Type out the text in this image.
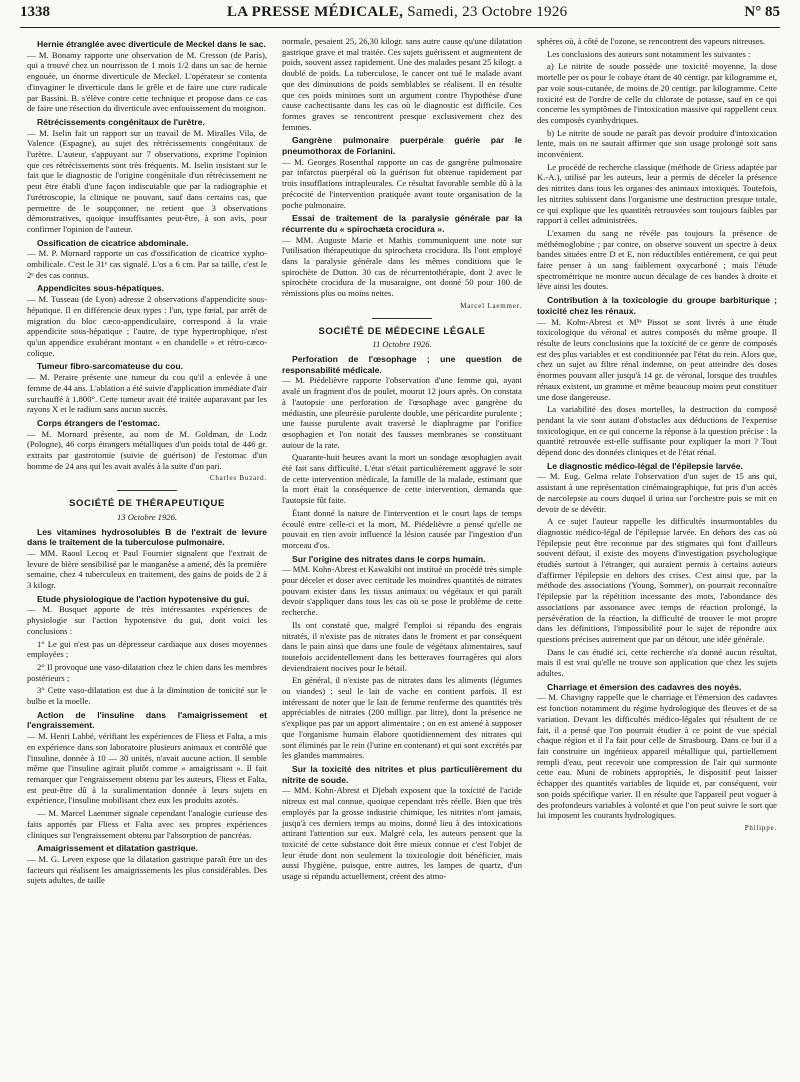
1338	LA PRESSE MÉDICALE, Samedi, 23 Octobre 1926	N° 85
Hernie étranglée avec diverticule de Meckel dans le sac.

— M. Bonamy rapporte une observation de M. Cresson (de Paris), qui a trouvé chez un nourrisson de 1 mois 1/2 dans un sac de hernie engouée, un énorme diverticule de Meckel. L'opérateur se contenta d'invaginer le diverticule dans le grêle et de faire une cure radicale par Bassini. B. s'élève contre cette technique et propose dans ce cas de faire une résection du diverticule avec enfouissement du moignon.

Rétrécissements congénitaux de l'urètre.

— M. Iselin fait un rapport sur un travail de M. Miralles Vila, de Valence (Espagne), au sujet des rétrécissements congénitaux de l'urètre. L'auteur, s'appuyant sur 7 observations, exprime l'opinion que ces rétrécissements sont très fréquents. M. Iselin insistant sur le fait que le diagnostic de l'origine congénitale d'un rétrécissement ne peut être établi d'une façon indiscutable que par la radiographie et l'urétroscopie, la clinique ne pouvant, sauf dans certains cas, que permettre de le soupçonner, ne retient que 3 observations démonstratives, quoique insuffisantes peut-être, à son avis, pour confirmer l'opinion de l'auteur.

Ossification de cicatrice abdominale.

— M. P. Mornard rapporte un cas d'ossification de cicatrice xypho-ombilicale. C'est le 31ᵉ cas signalé. L'os a 6 cm. Par sa taille, c'est le 2ᵉ des cas connus.

Appendicites sous-hépatiques.

— M. Tusseau (de Lyon) adresse 2 observations d'appendicite sous-hépatique. Il en différencie deux types : l'un, type fœtal, par arrêt de migration du bloc cæco-appendiculaire, correspond à la vraie appendicite sous-hépatique ; l'autre, de type hypertrophique, n'est qu'un appendice exubérant montant « en chandelle » et rétro-cæco-colique.

Tumeur fibro-sarcomateuse du cou.

— M. Peraire présente une tumeur du cou qu'il a enlevée à une femme de 44 ans. L'ablation a été suivie d'application immédiate d'air surchauffé à 1.800°. Cette tumeur avait été traitée auparavant par les rayons X et le radium sans aucun succès.

Corps étrangers de l'estomac.

— M. Mornard présente, au nom de M. Goldman, de Lodz (Pologne), 46 corps étrangers métalliques d'un poids total de 446 gr. extraits par gastrotomie (suivie de guérison) de l'estomac d'un homme de 24 ans qui les avait avalés à la suite d'un pari.

Charles Buzard.
SOCIÉTÉ DE THÉRAPEUTIQUE
13 Octobre 1926.
Les vitamines hydrosolubles B de l'extrait de levure dans le traitement de la tuberculose pulmonaire.

— MM. Raoul Lecoq et Paul Fournier signalent que l'extrait de levure de bière sensibilisé par le manganèse a amené, dès la première semaine, chez 4 tuberculeux en traitement, des gains de poids de 2 à 3 kilogr.

Etude physiologique de l'action hypotensive du gui.

— M. Busquet apporte de très intéressantes expériences de physiologie sur l'action hypotensive du gui, dont voici les conclusions :

1° Le gui n'est pas un dépresseur cardiaque aux doses moyennes employées ;

2° Il provoque une vaso-dilatation chez le chien dans les membres postérieurs ;

3° Cette vaso-dilatation est due à la diminution de tonicité sur le bulbe et la moelle.

Action de l'insuline dans l'amaigrissement et l'engraissement.

— M. Henri Labbé, vérifiant les expériences de Fliess et Falta, a mis en expérience dans son laboratoire plusieurs animaux et contrôlé que l'insuline, donnée à 10 — 30 unités, n'avait aucune action. Il semble même que l'insuline agirait plutôt comme « amaigrissant ». Il fait remarquer que l'engraissement obtenu par les auteurs, Fliess et Falta, est peut-être dû à la suralimentation donnée à leurs sujets en expérience, l'insuline mobilisant chez eux les produits azotés.

— M. Marcel Laemmer signale cependant l'analogie curieuse des faits apportés par Fliess et Falta avec ses propres expériences cliniques sur l'engraissement obtenu par l'absorption de pancréas.

Amaigrissement et dilatation gastrique.

— M. G. Leven expose que la dilatation gastrique paraît être un des facteurs qui réalisent les amaigrissements les plus considérables. Des sujets adultes, de taille

normale, pesaient 25, 26,30 kilogr. sans autre cause qu'une dilatation gastrique grave et mal traitée. Ces sujets guérissent et augmentent de poids, souvent assez rapidement. Une des malades pesant 25 kilogr. a doublé de poids. La tuberculose, le cancer ont tué le malade avant que des diminutions de poids semblables se réalisent. Il en résulte que ces poids minimes sont un argument contre l'hypothèse d'une cause cachectisante dans les cas où le diagnostic est difficile. Ces formes graves se rencontrent presque exclusivement chez des femmes.

Gangrène pulmonaire puerpérale guérie par le pneumothorax de Forlanini.

— M. Georges Rosenthal rapporte un cas de gangrène pulmonaire par infarctus puerpéral où la guérison fut obtenue rapidement par trois insufflations intrapleurales. Ce résultat favorable semble dû à la précocité de l'intervention pratiquée avant toute organisation de la poche pulmonaire.

Essai de traitement de la paralysie générale par la récurrente du « spirochæta crocidura ».

— MM. Auguste Marie et Mathis communiquent une note sur l'utilisation thérapeutique du spirochæta crocidura. Ils l'ont employé dans la paralysie générale dans les mêmes conditions que le spirochète de Dutton. 30 cas de récurrentothérapie, dont 2 avec le spirochète crocidura de la musaraigne, ont donné 50 pour 100 de rémissions plus ou moins nettes.

Marcel Laemmer.
SOCIÉTÉ DE MÉDECINE LÉGALE
11 Octobre 1926.
Perforation de l'œsophage ; une question de responsabilité médicale.

— M. Piédelièvre rapporte l'observation d'une femme qui, ayant avalé un fragment d'os de poulet, mourut 12 jours après. On constata à l'autopsie une perforation de l'œsophage avec gangrène du médiastin, une pleurésie purulente double, une péricardite purulente ; une fausse purulente avait traversé le diaphragme par l'orifice œsophagien et l'on notait des fausses membranes se constituant autour de la rate.

Quarante-huit heures avant la mort un sondage œsophagien avait été fait sans difficulté. L'état s'était particulièrement aggravé le soir de cette intervention médicale, la famille de la malade, estimant que la mort était la conséquence de cette intervention, demanda que l'autopsie fût faite.

Étant donné la nature de l'intervention et le court laps de temps écoulé entre celle-ci et la mort, M. Piédelièvre a pensé qu'elle ne pouvait en rien avoir influencé la lésion causée par l'ingestion d'un morceau d'os.

Sur l'origine des nitrates dans le corps humain.

— MM. Kohn-Abrest et Kawakibi ont institué un procédé très simple pour déceler et doser avec certitude les moindres quantités de nitrates pouvant exister dans les tissus animaux ou végétaux et qui paraît devoir s'appliquer dans tous les cas où se pose le problème de cette recherche.

Ils ont constaté que, malgré l'emploi si répandu des engrais nitratés, il n'existe pas de nitrates dans le froment et par conséquent dans le pain ainsi que dans une foule de végétaux alimentaires, sauf toutefois accidentellement dans les betteraves fourragères qui alors deviendraient nocives pour le bétail.

En général, il n'existe pas de nitrates dans les aliments (légumes ou viandes) ; seul le lait de vache en contient parfois. Il est intéressant de noter que le lait de femme renferme des quantités très appréciables de nitrates (200 milligr. par litre), dont la présence ne s'explique pas par un apport alimentaire ; on en est amené à supposer que l'organisme humain élabore quotidiennement des nitrates qui sont éliminés par le rein (l'urine en contenant) et qui sont excrétés par les glandes mammaires.

Sur la toxicité des nitrites et plus particulièrement du nitrite de soude.

— MM. Kohn-Abrest et Djebah exposent que la toxicité de l'acide nitreux est mal connue, quoique cependant très réelle. Bien que très employés par la grosse industrie chimique, les nitrites n'ont jamais, jusqu'à ces derniers temps au moins, donné lieu à des intoxications attirant l'attention sur eux. Malgré cela, les auteurs pensent que la toxicité de cette substance doit être mieux connue et c'est l'objet de leur étude dont non seulement la toxicologie doit bénéficier, mais aussi l'hygiène, puisque, entre autres, les lampes de quartz, d'un usage si répandu actuellement, créent des atmo-

sphères où, à côté de l'ozone, se rencontrent des vapeurs nitreuses.

Les conclusions des auteurs sont notamment les suivantes :

a) Le nitrite de soude possède une toxicité moyenne, la dose mortelle per os pour le cobaye étant de 40 centigr. par kilogramme et, par voie sous-cutanée, de moins de 20 centigr. par kilogramme. Cette toxicité est de l'ordre de celle du chlorate de potasse, sauf en ce qui concerne les symptômes de l'intoxication massive qui rappellent ceux des composés cyanhydriques.

b) Le nitrite de soude ne paraît pas devoir produire d'intoxication lente, mais on ne saurait affirmer que son usage prolongé soit sans inconvénient.

Le procédé de recherche classique (méthode de Griess adaptée par K.-A.), utilisé par les auteurs, leur a permis de déceler la présence des nitrites dans tous les organes des animaux intoxiqués. Toutefois, les nitrites subissent dans l'organisme une destruction presque totale, ce qui explique que les quantités retrouvées sont toujours faibles par rapport à celles administrées.

L'examen du sang ne révèle pas toujours la présence de méthémoglobine ; par contre, on observe souvent un spectre à deux bandes situées entre D et E, non réductibles entièrement, ce qui peut faire penser à un sang faiblement oxycarboné ; mais l'étude spectrométrique ne montre aucun décalage de ces bandes à droite et lève ainsi les doutes.

Contribution à la toxicologie du groupe barbiturique ; toxicité chez les rénaux.

— M. Kohn-Abrest et Mˡˡᵉ Pissot se sont livrés à une étude toxicologique du véronal et autres composés du même groupe. Il résulte de leurs conclusions que la toxicité de ce genre de composés est des plus variables et est conditionnée par l'état du rein. Alors que, chez un sujet au filtre rénal indemne, on peut atteindre des doses énormes pouvant aller jusqu'à 14 gr. de véronal, lorsque des troubles rénaux existent, un gramme et même beaucoup moins peut constituer une dose dangereuse.

La variabilité des doses mortelles, la destruction du composé pendant la vie sont autant d'obstacles aux déductions de l'expertise toxicologique, en ce qui concerne la réponse à la question précise : la quantité retrouvée est-elle suffisante pour expliquer la mort ? Tout dépend donc des données cliniques et de l'état rénal.

Le diagnostic médico-légal de l'épilepsie larvée.

— M. Eug. Gelma relate l'observation d'un sujet de 15 ans qui, assistant à une représentation cinématographique, fut pris d'un accès de narcolepsie au cours duquel il urina sur l'orchestre puis se mit en devoir de se dévêtir.

A ce sujet l'auteur rappelle les difficultés insurmontables du diagnostic médico-légal de l'épilepsie larvée. En dehors des cas où l'épilepsie peut être reconnue par des stigmates qui font d'ailleurs souvent défaut, il existe des moyens d'investigation psychologique étudiés surtout à l'étranger, qui auraient permis à certains auteurs d'affirmer l'épilepsie en dehors des crises. C'est ainsi que, par la méthode des associations (Young, Sommer), on pourrait reconnaître l'épilepsie par la répétition incessante des mots, l'abondance des associations par assonance avec temps de réaction prolongé, la persévération de la réaction, la difficulté de trouver le mot propre dans les définitions, l'impossibilité pour le sujet de répondre aux questions précises autrement que par un détour, une idée générale.

Dans le cas étudié ici, cette recherche n'a donné aucun résultat, mais il est vrai qu'elle ne trouve son application que chez les sujets adultes.

Charriage et émersion des cadavres des noyés.

— M. Chavigny rappelle que le charriage et l'émersion des cadavres est fonction notamment du régime hydrologique des fleuves et de sa variation. Devant les difficultés médico-légales qui résultent de ce fait, il a pensé que l'on pourrait étudier à ce point de vue spécial chaque région et il l'a fait pour celle de Strasbourg. Dans ce but il a fait construire un ingénieux appareil métallique qui, partiellement rempli d'eau, peut recevoir une compression de l'air qui surmonte cette eau. Muni de robinets appropriés, le dispositif peut laisser échapper des quantités variables de liquide et, par conséquent, voir son poids spécifique varier. Il en résulte que l'appareil peut voguer à des profondeurs variables à volonté et que l'on peut suivre le sort que lui imposent les courants hydrologiques.

Philippe.
